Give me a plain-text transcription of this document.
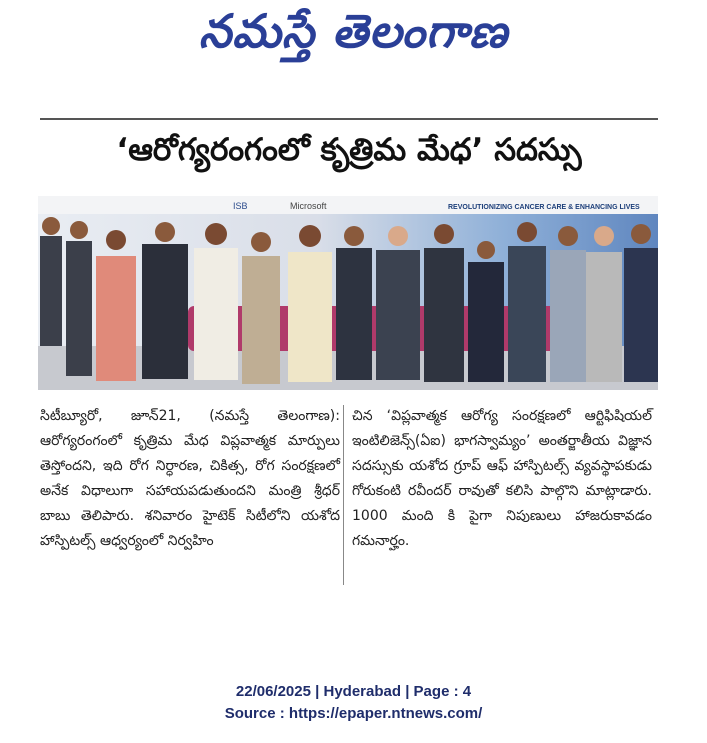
నమస్తే తెలంగాణ
‘ఆరోగ్యరంగంలో కృత్రిమ మేధ’ సదస్సు
ISB	Microsoft	REVOLUTIONIZING CANCER CARE & ENHANCING LIVES
సిటీబ్యూరో, జూన్21, (నమస్తే తెలంగాణ): ఆరోగ్యరంగంలో కృత్రిమ మేధ విప్లవాత్మక మార్పులు తెస్తోందని, ఇది రోగ నిర్ధారణ, చికిత్స, రోగ సంరక్షణలో అనేక విధాలుగా సహాయపడుతుందని మంత్రి శ్రీధర్ బాబు తెలిపారు. శనివారం హైటెక్ సిటీలోని యశోద హాస్పిటల్స్ ఆధ్వర్యంలో నిర్వహిం
చిన ‘విప్లవాత్మక ఆరోగ్య సంరక్షణలో ఆర్టిఫిషియల్ ఇంటిలిజెన్స్(ఏఐ) భాగస్వామ్యం’ అంతర్జాతీయ విజ్ఞాన సదస్సుకు యశోద గ్రూప్ ఆఫ్ హాస్పిటల్స్ వ్యవస్థాపకుడు గోరుకంటి రవీందర్ రావుతో కలిసి పాల్గొని మాట్లాడారు. 1000 మంది కి పైగా నిపుణులు హాజరుకావడం గమనార్హం.
22/06/2025 | Hyderabad | Page : 4
Source : https://epaper.ntnews.com/
